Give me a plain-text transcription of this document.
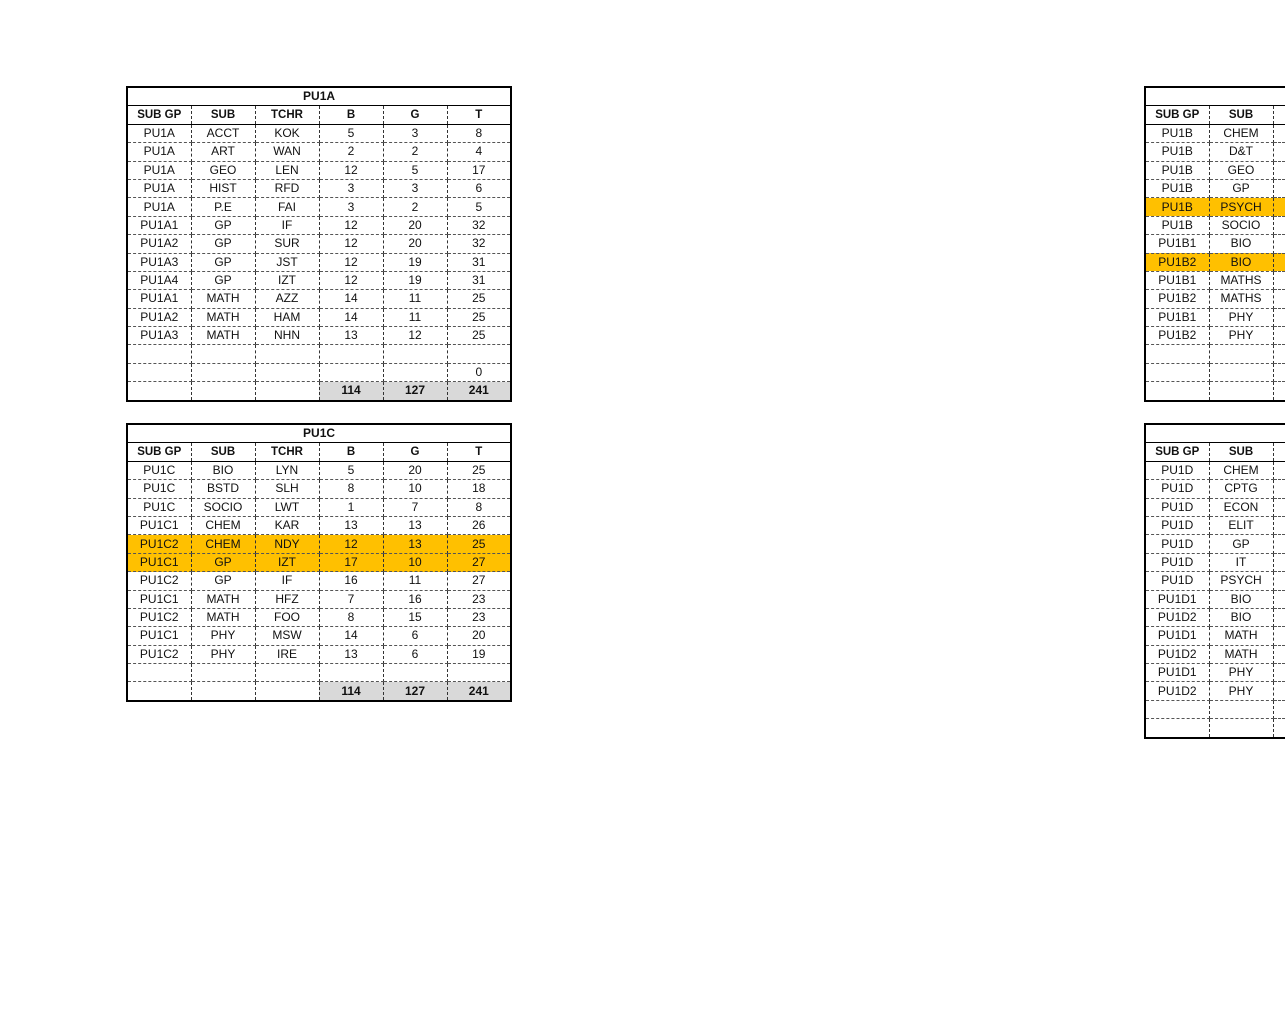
PU1A					
SUB GP	SUB	TCHR	B	G	T
PU1A	ACCT	KOK	5	3	8
PU1A	ART	WAN	2	2	4
PU1A	GEO	LEN	12	5	17
PU1A	HIST	RFD	3	3	6
PU1A	P.E	FAI	3	2	5
PU1A1	GP	IF	12	20	32
PU1A2	GP	SUR	12	20	32
PU1A3	GP	JST	12	19	31
PU1A4	GP	IZT	12	19	31
PU1A1	MATH	AZZ	14	11	25
PU1A2	MATH	HAM	14	11	25
PU1A3	MATH	NHN	13	12	25

					0
			114	127	241
PU1C					
SUB GP	SUB	TCHR	B	G	T
PU1C	BIO	LYN	5	20	25
PU1C	BSTD	SLH	8	10	18
PU1C	SOCIO	LWT	1	7	8
PU1C1	CHEM	KAR	13	13	26
PU1C2	CHEM	NDY	12	13	25
PU1C1	GP	IZT	17	10	27
PU1C2	GP	IF	16	11	27
PU1C1	MATH	HFZ	7	16	23
PU1C2	MATH	FOO	8	15	23
PU1C1	PHY	MSW	14	6	20
PU1C2	PHY	IRE	13	6	19

			114	127	241

SUB GP	SUB	
PU1B	CHEM	
PU1B	D&T	
PU1B	GEO	
PU1B	GP	
PU1B	PSYCH	
PU1B	SOCIO	
PU1B1	BIO	
PU1B2	BIO	
PU1B1	MATHS	
PU1B2	MATHS	
PU1B1	PHY	
PU1B2	PHY	

SUB GP	SUB	
PU1D	CHEM	
PU1D	CPTG	
PU1D	ECON	
PU1D	ELIT	
PU1D	GP	
PU1D	IT	
PU1D	PSYCH	
PU1D1	BIO	
PU1D2	BIO	
PU1D1	MATH	
PU1D2	MATH	
PU1D1	PHY	
PU1D2	PHY	
